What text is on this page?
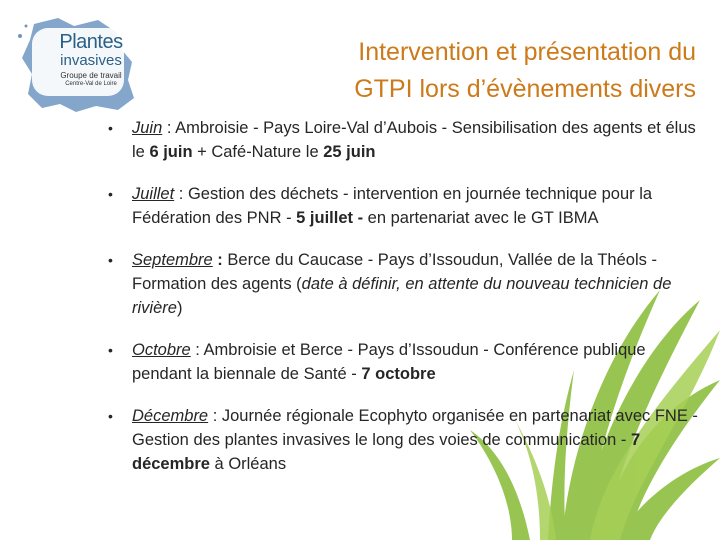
Plantes
invasives
Groupe de travail
Centre-Val de Loire
Intervention et présentation du
GTPI lors d’évènements divers
• Juin : Ambroisie - Pays Loire-Val d’Aubois - Sensibilisation des agents et élus le 6 juin + Café-Nature le 25 juin
• Juillet : Gestion des déchets - intervention en journée technique pour la Fédération des PNR - 5 juillet - en partenariat avec le GT IBMA
• Septembre : Berce du Caucase - Pays d’Issoudun, Vallée de la Théols - Formation des agents (date à définir, en attente du nouveau technicien de rivière)
• Octobre : Ambroisie et Berce - Pays d’Issoudun - Conférence publique pendant la biennale de Santé - 7 octobre
• Décembre : Journée régionale Ecophyto organisée en partenariat avec FNE - Gestion des plantes invasives le long des voies de communication - 7 décembre à Orléans
